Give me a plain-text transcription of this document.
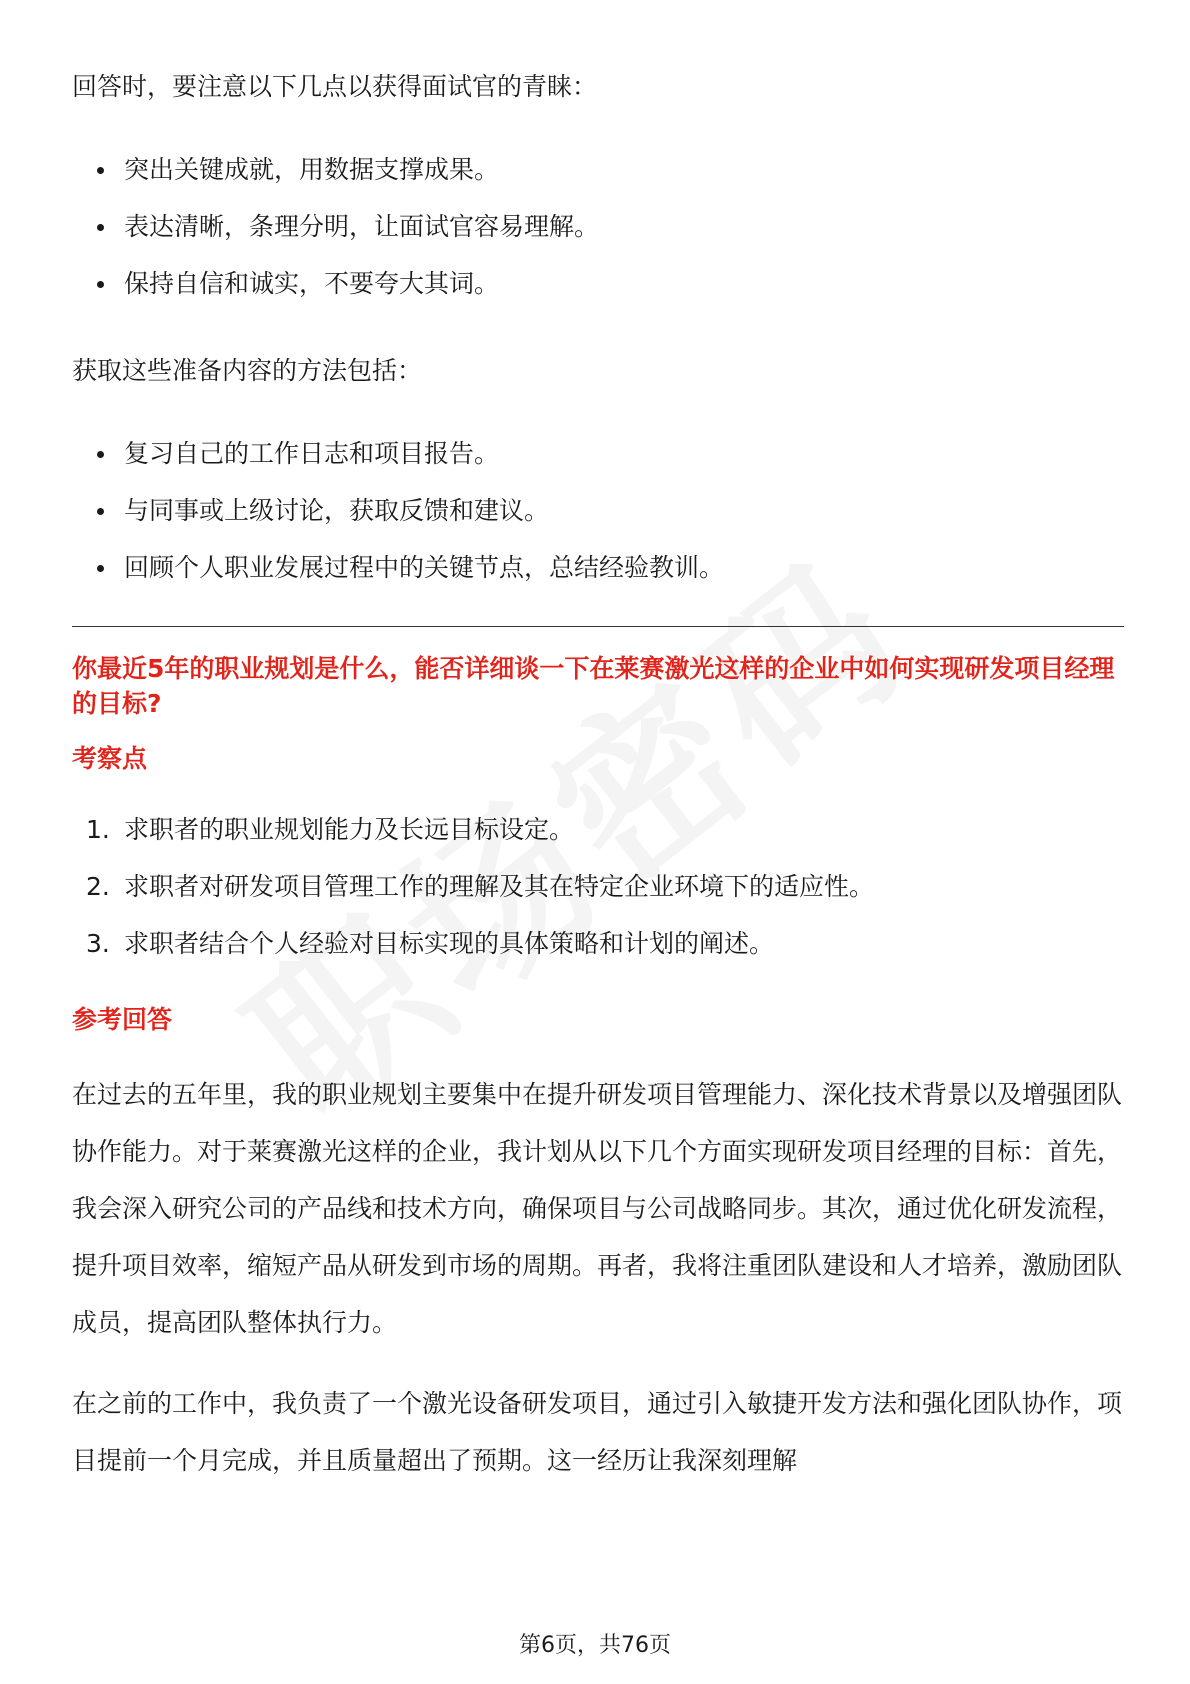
回答时，要注意以下几点以获得面试官的青睐：

突出关键成就，用数据支撑成果。
表达清晰，条理分明，让面试官容易理解。
保持自信和诚实，不要夸大其词。

获取这些准备内容的方法包括：

复习自己的工作日志和项目报告。
与同事或上级讨论，获取反馈和建议。
回顾个人职业发展过程中的关键节点，总结经验教训。

你最近5年的职业规划是什么，能否详细谈一下在莱赛激光这样的企业中如何实现研发项目经理的目标?

考察点

1. 求职者的职业规划能力及长远目标设定。
2. 求职者对研发项目管理工作的理解及其在特定企业环境下的适应性。
3. 求职者结合个人经验对目标实现的具体策略和计划的阐述。

参考回答

在过去的五年里，我的职业规划主要集中在提升研发项目管理能力、深化技术背景以及增强团队协作能力。对于莱赛激光这样的企业，我计划从以下几个方面实现研发项目经理的目标：首先，我会深入研究公司的产品线和技术方向，确保项目与公司战略同步。其次，通过优化研发流程，提升项目效率，缩短产品从研发到市场的周期。再者，我将注重团队建设和人才培养，激励团队成员，提高团队整体执行力。

在之前的工作中，我负责了一个激光设备研发项目，通过引入敏捷开发方法和强化团队协作，项目提前一个月完成，并且质量超出了预期。这一经历让我深刻理解

第6页，共76页
